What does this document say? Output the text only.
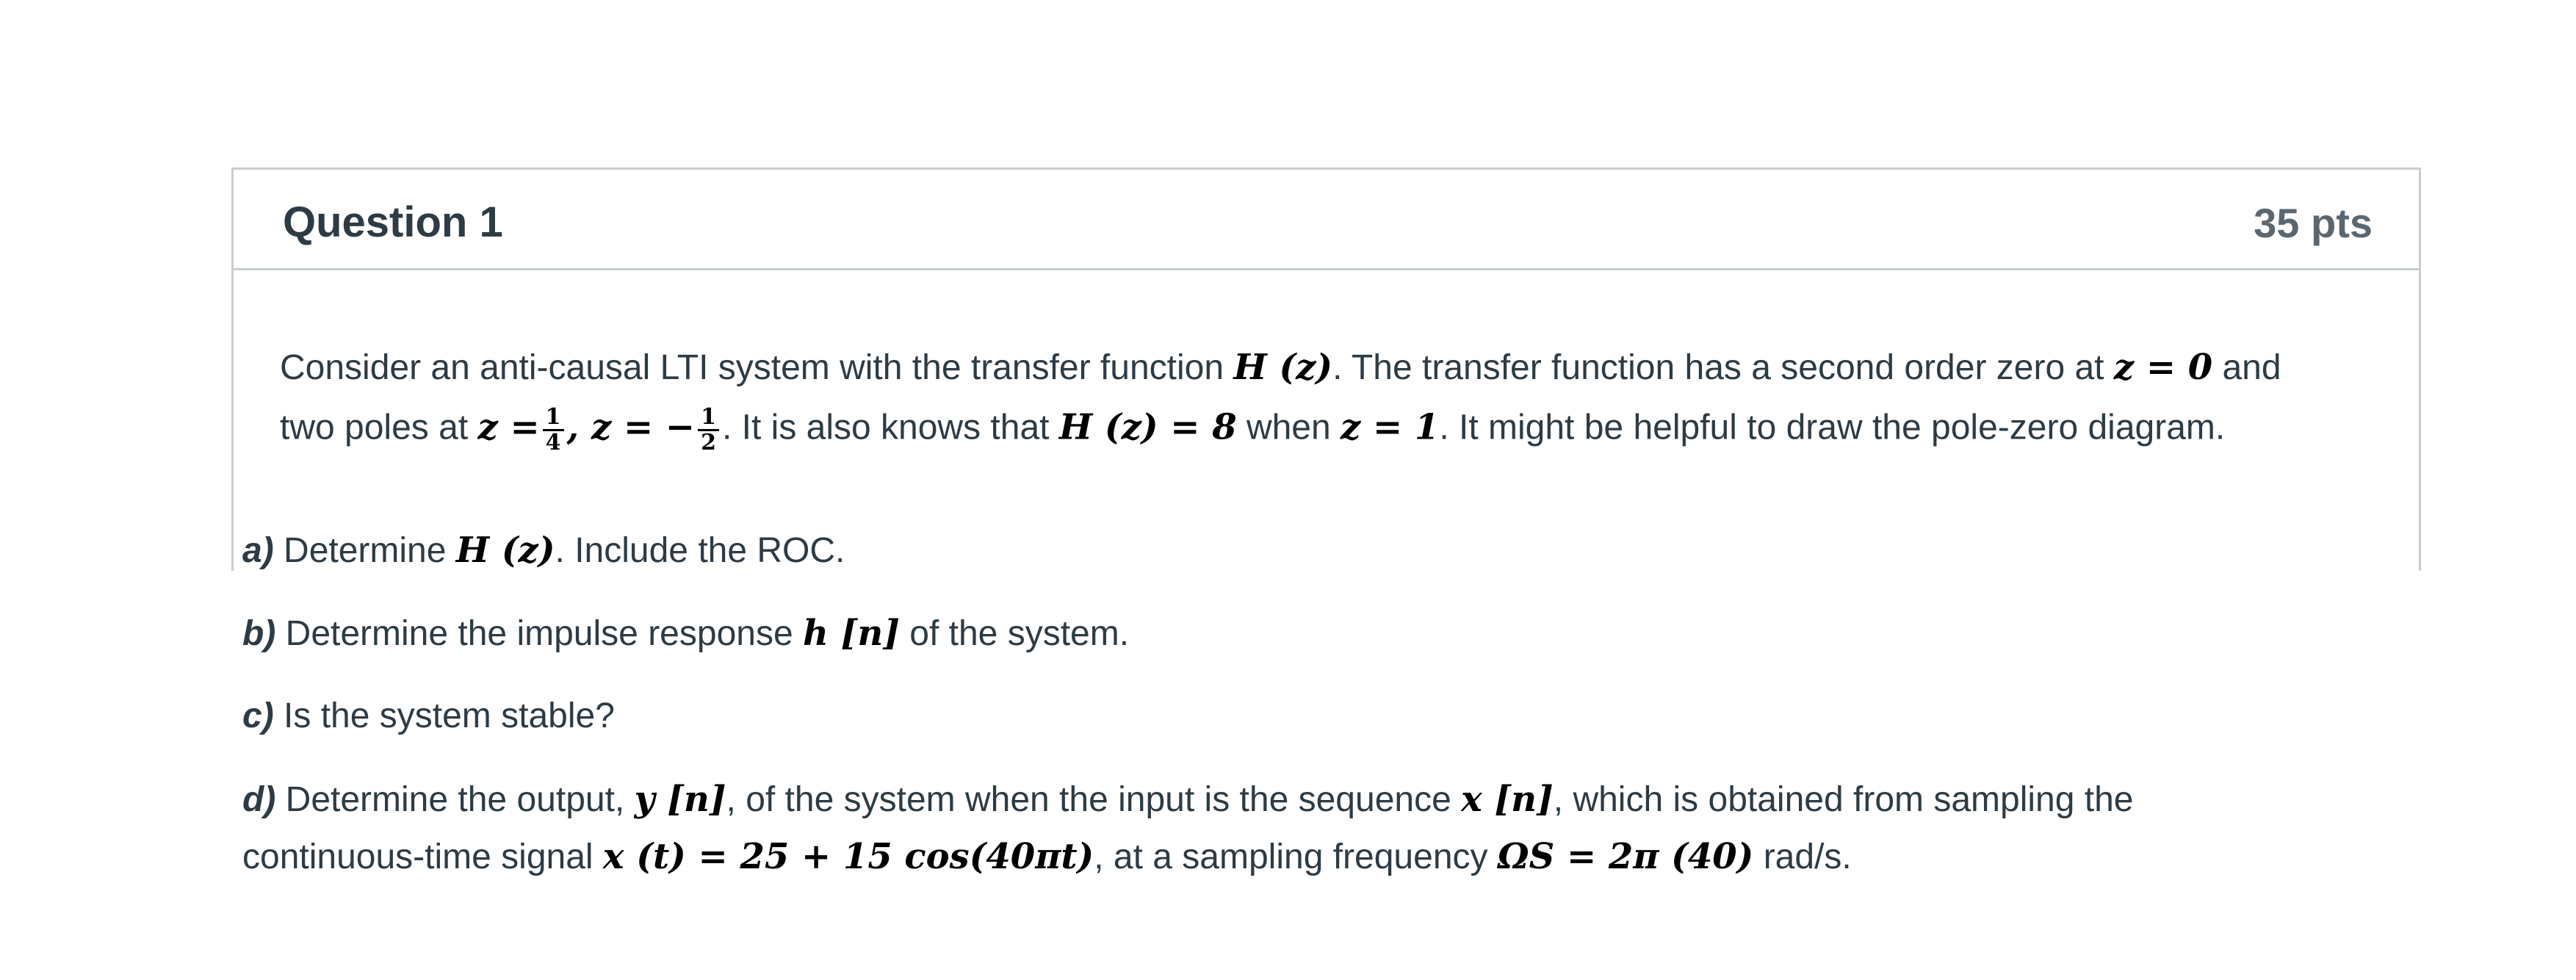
Question 1	35 pts
Consider an anti-causal LTI system with the transfer function H (z). The transfer function has a second order zero at z = 0 and
two poles at $z = \frac{1}{4}$ , z = − $\frac{1}{2}$ . It is also knows that H (z) = 8 when z = 1. It might be helpful to draw the pole-zero diagram.
a) Determine H (z). Include the ROC.
b) Determine the impulse response h [n] of the system.
c) Is the system stable?
d) Determine the output, y [n], of the system when the input is the sequence x [n], which is obtained from sampling the
continuous-time signal x (t) = 25 + 15 cos(40πt), at a sampling frequency ΩS = 2π (40) rad/s.
